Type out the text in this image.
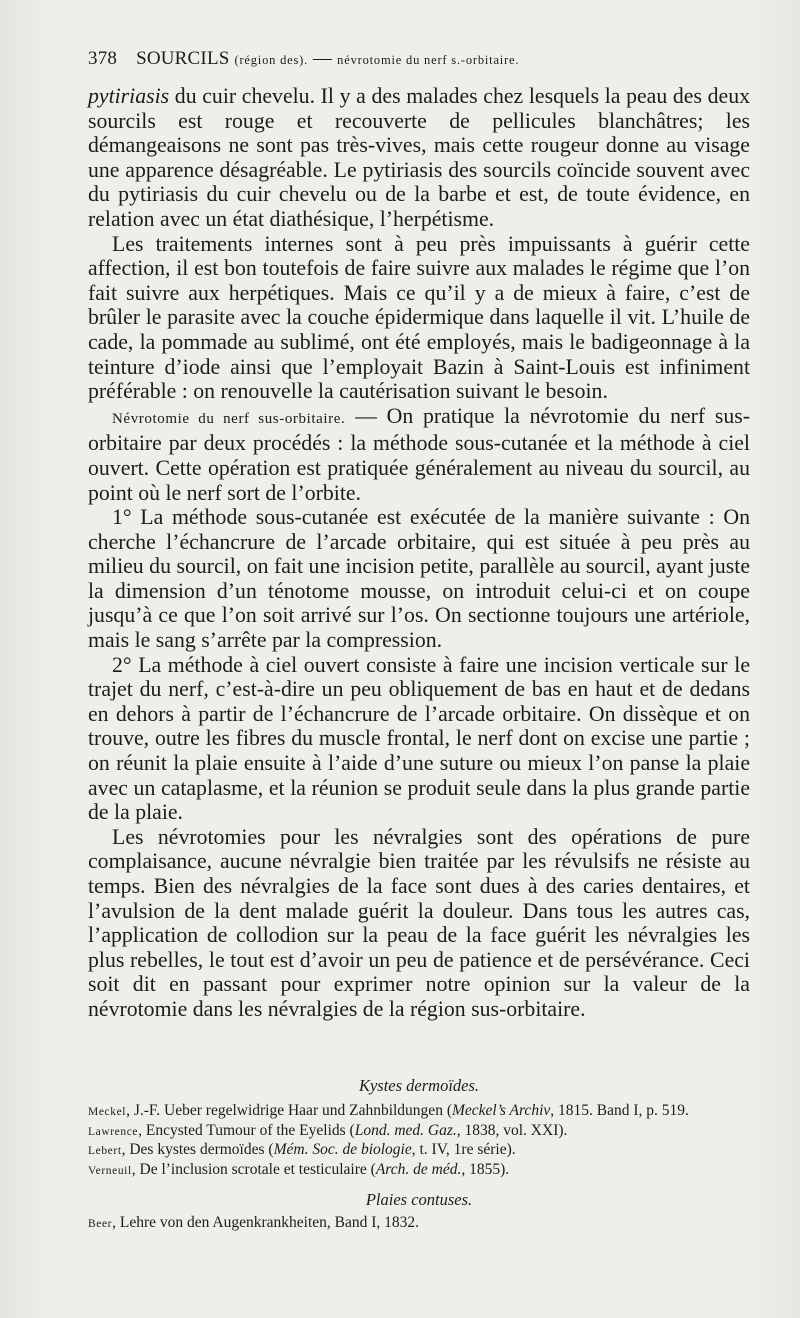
378 SOURCILS (région des). — névrotomie du nerf s.-orbitaire.

pytiriasis du cuir chevelu. Il y a des malades chez lesquels la peau des deux sourcils est rouge et recouverte de pellicules blanchâtres; les démangeaisons ne sont pas très-vives, mais cette rougeur donne au visage une apparence désagréable. Le pytiriasis des sourcils coïncide souvent avec du pytiriasis du cuir chevelu ou de la barbe et est, de toute évidence, en relation avec un état diathésique, l’herpétisme.

Les traitements internes sont à peu près impuissants à guérir cette affection, il est bon toutefois de faire suivre aux malades le régime que l’on fait suivre aux herpétiques. Mais ce qu’il y a de mieux à faire, c’est de brûler le parasite avec la couche épidermique dans laquelle il vit. L’huile de cade, la pommade au sublimé, ont été employés, mais le badigeonnage à la teinture d’iode ainsi que l’employait Bazin à Saint-Louis est infiniment préférable : on renouvelle la cautérisation suivant le besoin.

Névrotomie du nerf sus-orbitaire. — On pratique la névrotomie du nerf sus-orbitaire par deux procédés : la méthode sous-cutanée et la méthode à ciel ouvert. Cette opération est pratiquée généralement au niveau du sourcil, au point où le nerf sort de l’orbite.

1° La méthode sous-cutanée est exécutée de la manière suivante : On cherche l’échancrure de l’arcade orbitaire, qui est située à peu près au milieu du sourcil, on fait une incision petite, parallèle au sourcil, ayant juste la dimension d’un ténotome mousse, on introduit celui-ci et on coupe jusqu’à ce que l’on soit arrivé sur l’os. On sectionne toujours une artériole, mais le sang s’arrête par la compression.

2° La méthode à ciel ouvert consiste à faire une incision verticale sur le trajet du nerf, c’est-à-dire un peu obliquement de bas en haut et de dedans en dehors à partir de l’échancrure de l’arcade orbitaire. On dissèque et on trouve, outre les fibres du muscle frontal, le nerf dont on excise une partie ; on réunit la plaie ensuite à l’aide d’une suture ou mieux l’on panse la plaie avec un cataplasme, et la réunion se produit seule dans la plus grande partie de la plaie.

Les névrotomies pour les névralgies sont des opérations de pure complaisance, aucune névralgie bien traitée par les révulsifs ne résiste au temps. Bien des névralgies de la face sont dues à des caries dentaires, et l’avulsion de la dent malade guérit la douleur. Dans tous les autres cas, l’application de collodion sur la peau de la face guérit les névralgies les plus rebelles, le tout est d’avoir un peu de patience et de persévérance. Ceci soit dit en passant pour exprimer notre opinion sur la valeur de la névrotomie dans les névralgies de la région sus-orbitaire.

Kystes dermoïdes.

Meckel, J.-F. Ueber regelwidrige Haar und Zahnbildungen (Meckel’s Archiv, 1815. Band I, p. 519.

Lawrence, Encysted Tumour of the Eyelids (Lond. med. Gaz., 1838, vol. XXI).

Lebert, Des kystes dermoïdes (Mém. Soc. de biologie, t. IV, 1re série).

Verneuil, De l’inclusion scrotale et testiculaire (Arch. de méd., 1855).

Plaies contuses.

Beer, Lehre von den Augenkrankheiten, Band I, 1832.
